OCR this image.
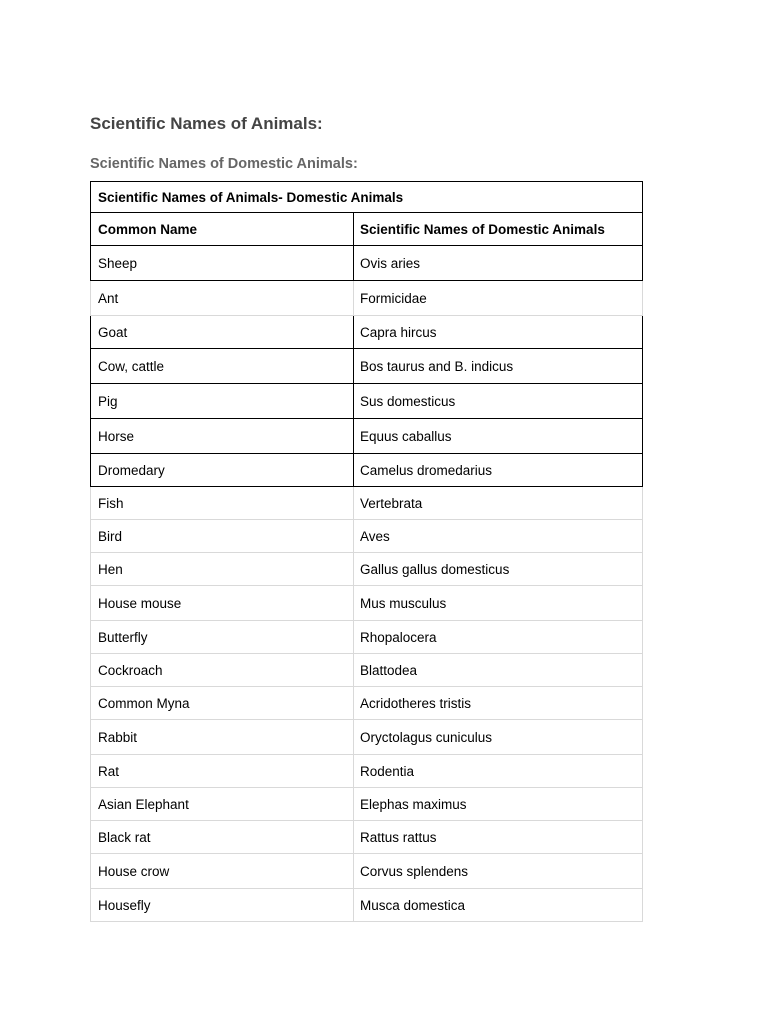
Scientific Names of Animals:
Scientific Names of Domestic Animals:
Scientific Names of Animals- Domestic Animals	
Common Name	Scientific Names of Domestic Animals
Sheep	Ovis aries
Ant	Formicidae
Goat	Capra hircus
Cow, cattle	Bos taurus and B. indicus
Pig	Sus domesticus
Horse	Equus caballus
Dromedary	Camelus dromedarius
Fish	Vertebrata
Bird	Aves
Hen	Gallus gallus domesticus
House mouse	Mus musculus
Butterfly	Rhopalocera
Cockroach	Blattodea
Common Myna	Acridotheres tristis
Rabbit	Oryctolagus cuniculus
Rat	Rodentia
Asian Elephant	Elephas maximus
Black rat	Rattus rattus
House crow	Corvus splendens
Housefly	Musca domestica
